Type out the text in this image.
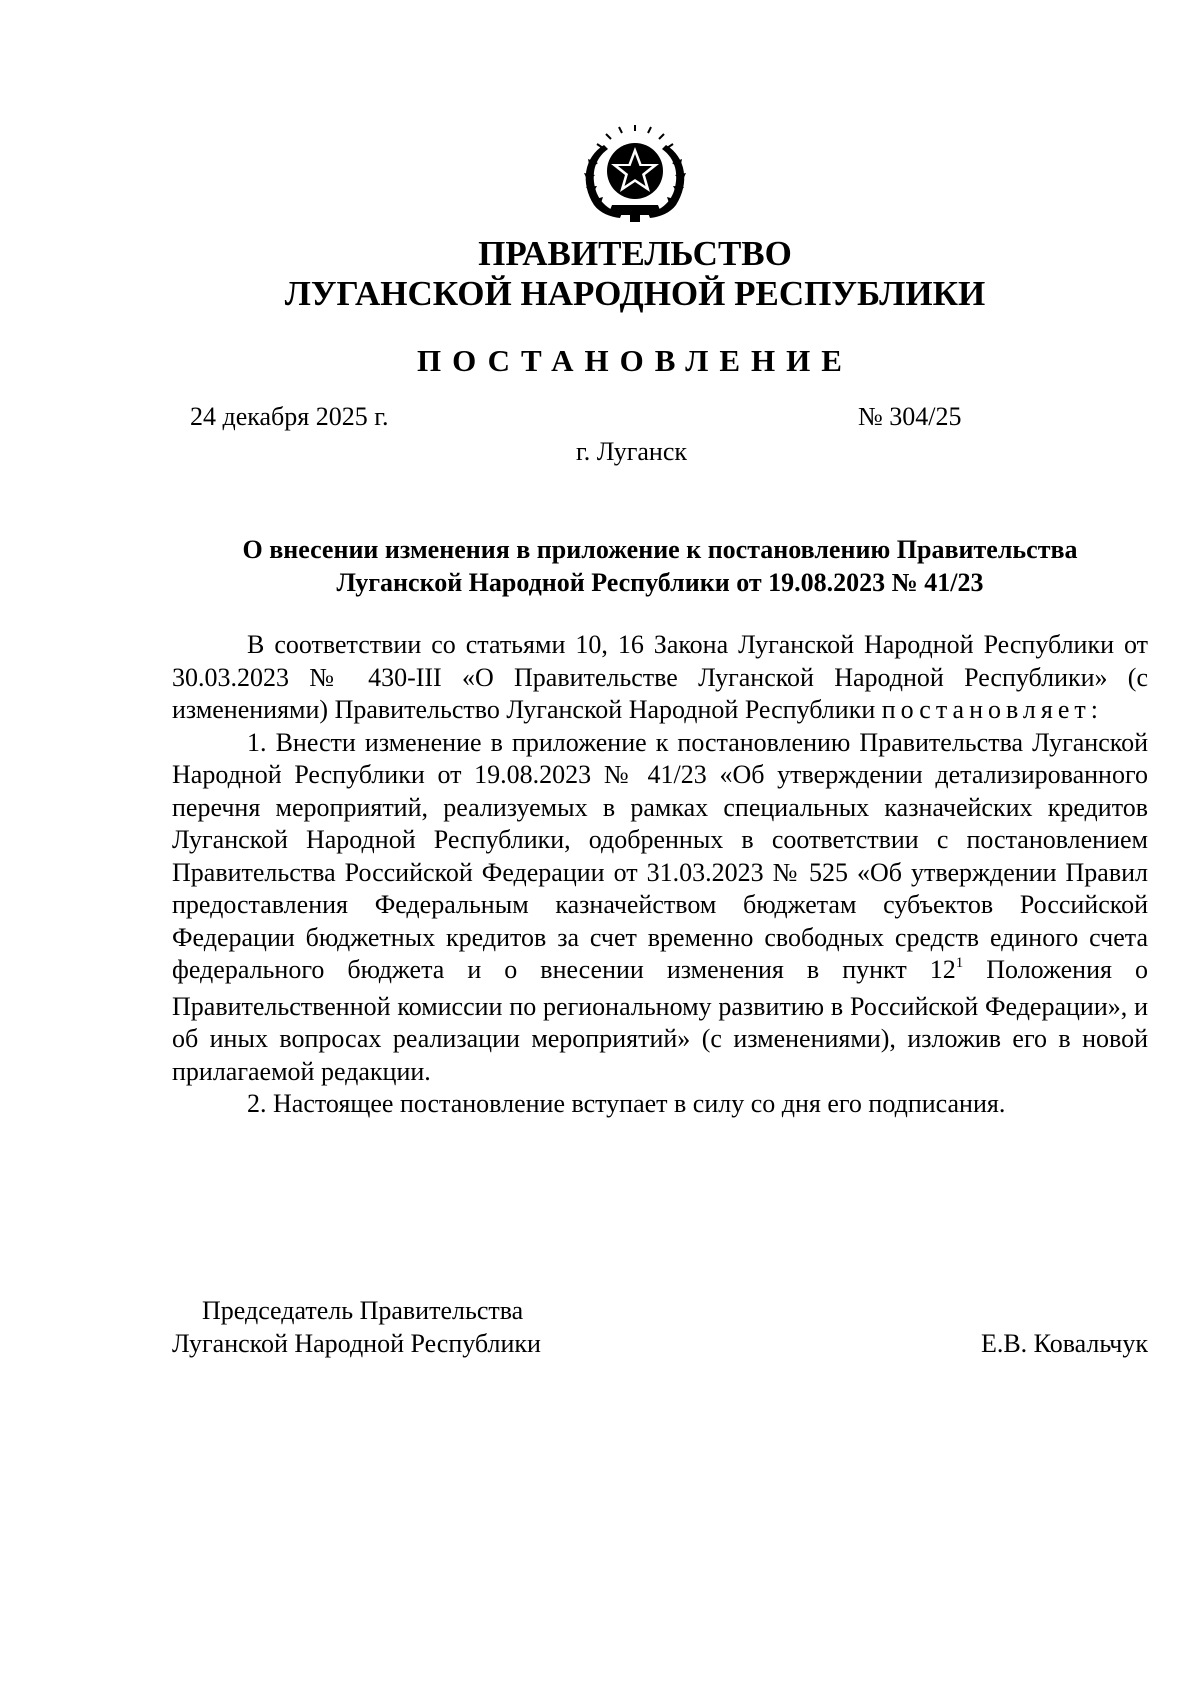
ПРАВИТЕЛЬСТВО
ЛУГАНСКОЙ НАРОДНОЙ РЕСПУБЛИКИ
ПОСТАНОВЛЕНИЕ
24 декабря 2025 г.	№ 304/25
г. Луганск
О внесении изменения в приложение к постановлению Правительства
Луганской Народной Республики от 19.08.2023 № 41/23

В соответствии со статьями 10, 16 Закона Луганской Народной Республики от 30.03.2023 № 430-III «О Правительстве Луганской Народной Республики» (с изменениями) Правительство Луганской Народной Республики постановляет:

1. Внести изменение в приложение к постановлению Правительства Луганской Народной Республики от 19.08.2023 № 41/23 «Об утверждении детализированного перечня мероприятий, реализуемых в рамках специальных казначейских кредитов Луганской Народной Республики, одобренных в соответствии с постановлением Правительства Российской Федерации от 31.03.2023 № 525 «Об утверждении Правил предоставления Федеральным казначейством бюджетам субъектов Российской Федерации бюджетных кредитов за счет временно свободных средств единого счета федерального бюджета и о внесении изменения в пункт $12^1$ Положения о Правительственной комиссии по региональному развитию в Российской Федерации», и об иных вопросах реализации мероприятий» (с изменениями), изложив его в новой прилагаемой редакции.

2. Настоящее постановление вступает в силу со дня его подписания.

Председатель Правительства
Луганской Народной Республики	Е.В. Ковальчук
